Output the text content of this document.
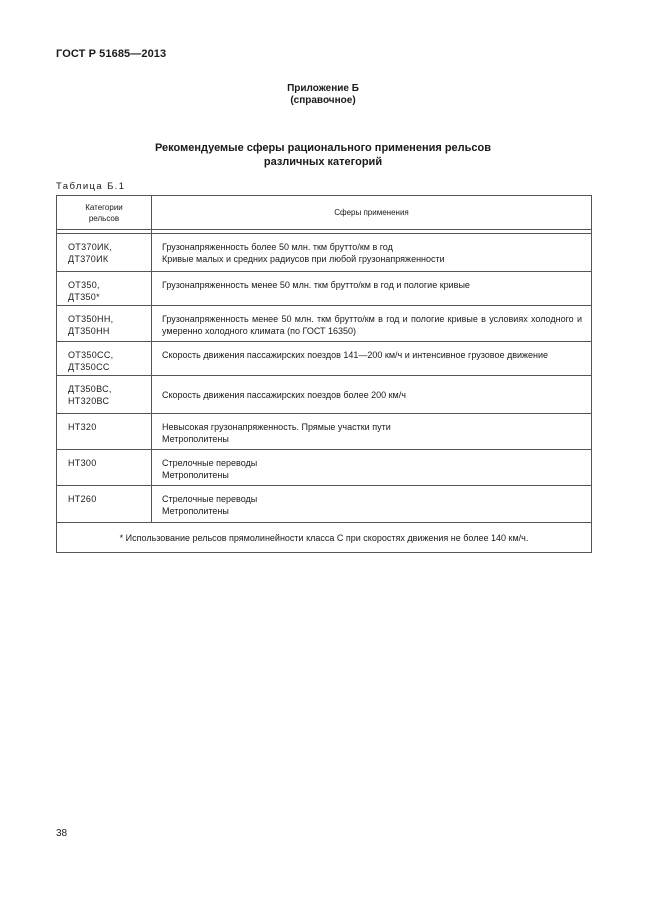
ГОСТ Р 51685—2013
Приложение Б
(справочное)
Рекомендуемые сферы рационального применения рельсов
различных категорий
Таблица Б.1
Категории
рельсов	Сферы применения

ОТ370ИК,
ДТ370ИК	Грузонапряженность более 50 млн. ткм брутто/км в год
Кривые малых и средних радиусов при любой грузонапряженности

ОТ350,
ДТ350*	Грузонапряженность менее 50 млн. ткм брутто/км в год и пологие кривые

ОТ350НН,
ДТ350НН	Грузонапряженность менее 50 млн. ткм брутто/км в год и пологие кривые в условиях холодного и умеренно холодного климата (по ГОСТ 16350)

ОТ350СС,
ДТ350СС	Скорость движения пассажирских поездов 141—200 км/ч и интенсивное грузовое движение

ДТ350ВС,
НТ320ВС	Скорость движения пассажирских поездов более 200 км/ч

НТ320	Невысокая грузонапряженность. Прямые участки пути
Метрополитены

НТ300	Стрелочные переводы
Метрополитены

НТ260	Стрелочные переводы
Метрополитены

* Использование рельсов прямолинейности класса С при скоростях движения не более 140 км/ч.	
38
